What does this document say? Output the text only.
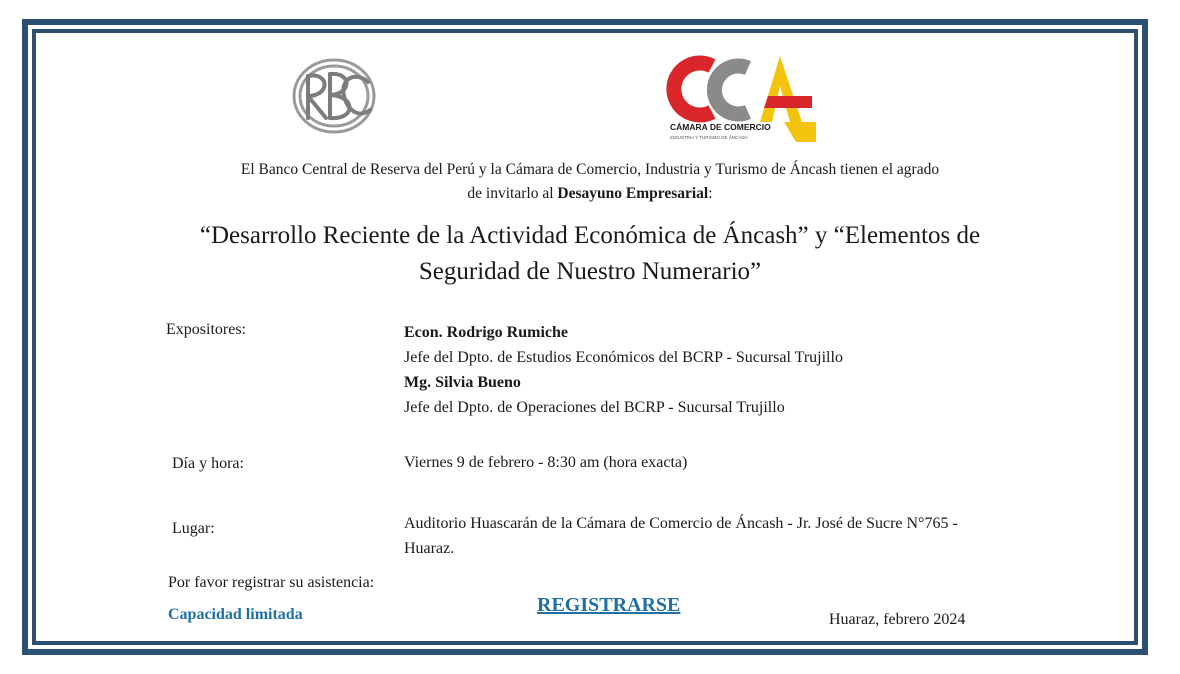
CÁMARA DE COMERCIO
INDUSTRIA Y TURISMO DE ÁNCASH
El Banco Central de Reserva del Perú y la Cámara de Comercio, Industria y Turismo de Áncash tienen el agrado
de invitarlo al Desayuno Empresarial:
“Desarrollo Reciente de la Actividad Económica de Áncash” y “Elementos de
Seguridad de Nuestro Numerario”
Expositores:	Econ. Rodrigo Rumiche
Jefe del Dpto. de Estudios Económicos del BCRP - Sucursal Trujillo
Mg. Silvia Bueno
Jefe del Dpto. de Operaciones del BCRP - Sucursal Trujillo
Día y hora:	Viernes 9 de febrero - 8:30 am (hora exacta)
Lugar:	Auditorio Huascarán de la Cámara de Comercio de Áncash - Jr. José de Sucre N°765 -
Huaraz.
Por favor registrar su asistencia:
Capacidad limitada	REGISTRARSE
Huaraz, febrero 2024
